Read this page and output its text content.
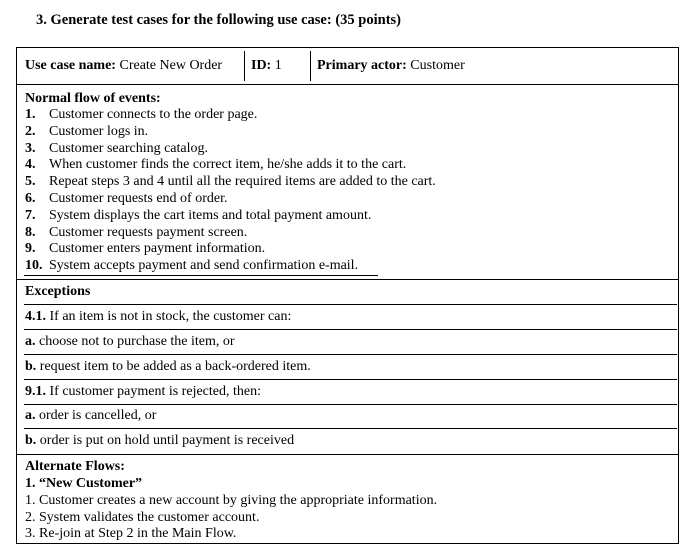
3. Generate test cases for the following use case: (35 points)
Use case name: Create New Order ID: 1	Primary actor: Customer
Normal flow of events:
1. Customer connects to the order page.
2. Customer logs in.
3. Customer searching catalog.
4. When customer finds the correct item, he/she adds it to the cart.
5. Repeat steps 3 and 4 until all the required items are added to the cart.
6. Customer requests end of order.
7. System displays the cart items and total payment amount.
8. Customer requests payment screen.
9. Customer enters payment information.
10. System accepts payment and send confirmation e-mail.
Exceptions
4.1. If an item is not in stock, the customer can:
a. choose not to purchase the item, or
b. request item to be added as a back-ordered item.
9.1. If customer payment is rejected, then:
a. order is cancelled, or
b. order is put on hold until payment is received
Alternate Flows:
1. “New Customer”
1. Customer creates a new account by giving the appropriate information.
2. System validates the customer account.
3. Re-join at Step 2 in the Main Flow.
